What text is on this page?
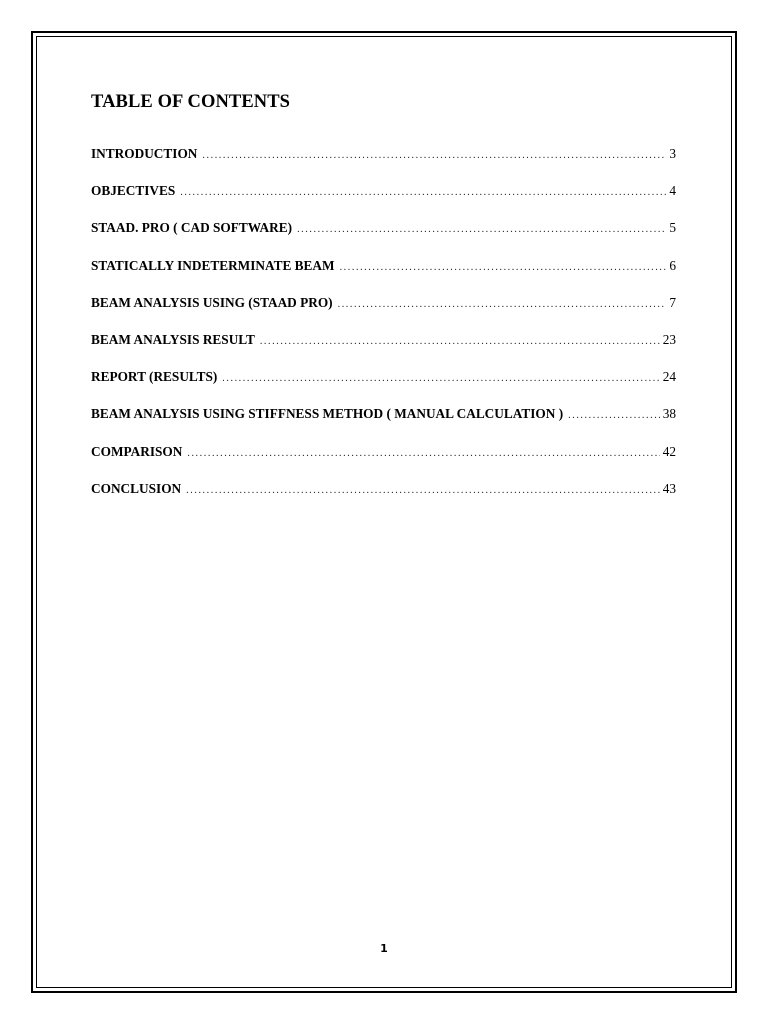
TABLE OF CONTENTS
INTRODUCTION .....	3
OBJECTIVES .....	4
STAAD. PRO ( CAD SOFTWARE) .....	5
STATICALLY INDETERMINATE BEAM .....	6
BEAM ANALYSIS USING (STAAD PRO) .....	7
BEAM ANALYSIS RESULT .....	23
REPORT (RESULTS) .....	24
BEAM ANALYSIS USING STIFFNESS METHOD ( MANUAL CALCULATION ) .....	38
COMPARISON .....	42
CONCLUSION .....	43
1
